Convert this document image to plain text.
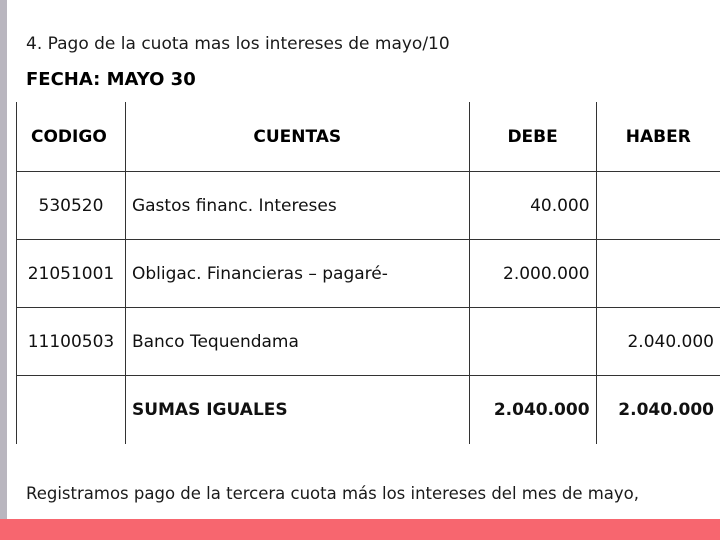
4. Pago de la cuota mas los intereses de mayo/10
FECHA: MAYO 30
CODIGO	CUENTAS	DEBE	HABER
530520	Gastos financ. Intereses	40.000	
21051001	Obligac. Financieras – pagaré-	2.000.000	
11100503	Banco Tequendama		2.040.000
	SUMAS IGUALES	2.040.000	2.040.000
Registramos pago de la tercera cuota más los intereses del mes de mayo,
